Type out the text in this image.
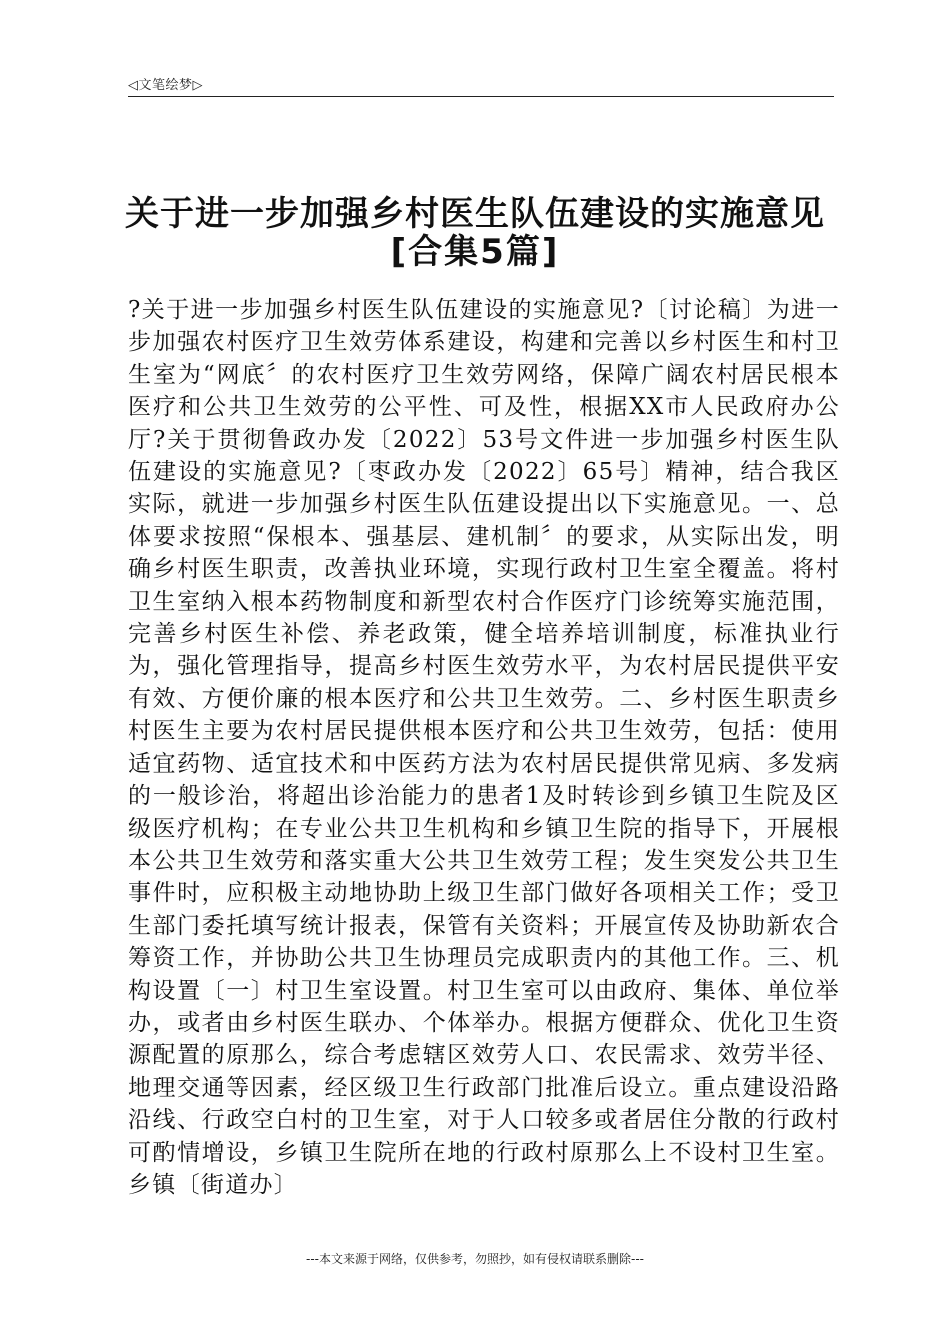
◁文笔绘梦▷
关于进一步加强乡村医生队伍建设的实施意见
[合集5篇]
?关于进一步加强乡村医生队伍建设的实施意见?〔讨论稿〕为进一步加强农村医疗卫生效劳体系建设，构建和完善以乡村医生和村卫生室为“网底〞的农村医疗卫生效劳网络，保障广阔农村居民根本医疗和公共卫生效劳的公平性、可及性，根据XX市人民政府办公厅?关于贯彻鲁政办发〔2022〕53号文件进一步加强乡村医生队伍建设的实施意见?〔枣政办发〔2022〕65号〕精神，结合我区实际，就进一步加强乡村医生队伍建设提出以下实施意见。一、总体要求按照“保根本、强基层、建机制〞的要求，从实际出发，明确乡村医生职责，改善执业环境，实现行政村卫生室全覆盖。将村卫生室纳入根本药物制度和新型农村合作医疗门诊统筹实施范围，完善乡村医生补偿、养老政策，健全培养培训制度，标准执业行为，强化管理指导，提高乡村医生效劳水平，为农村居民提供平安有效、方便价廉的根本医疗和公共卫生效劳。二、乡村医生职责乡村医生主要为农村居民提供根本医疗和公共卫生效劳，包括：使用适宜药物、适宜技术和中医药方法为农村居民提供常见病、多发病的一般诊治，将超出诊治能力的患者1及时转诊到乡镇卫生院及区级医疗机构；在专业公共卫生机构和乡镇卫生院的指导下，开展根本公共卫生效劳和落实重大公共卫生效劳工程；发生突发公共卫生事件时，应积极主动地协助上级卫生部门做好各项相关工作；受卫生部门委托填写统计报表，保管有关资料；开展宣传及协助新农合筹资工作，并协助公共卫生协理员完成职责内的其他工作。三、机构设置〔一〕村卫生室设置。村卫生室可以由政府、集体、单位举办，或者由乡村医生联办、个体举办。根据方便群众、优化卫生资源配置的原那么，综合考虑辖区效劳人口、农民需求、效劳半径、地理交通等因素，经区级卫生行政部门批准后设立。重点建设沿路沿线、行政空白村的卫生室，对于人口较多或者居住分散的行政村可酌情增设，乡镇卫生院所在地的行政村原那么上不设村卫生室。乡镇〔街道办〕
---本文来源于网络，仅供参考，勿照抄，如有侵权请联系删除---
